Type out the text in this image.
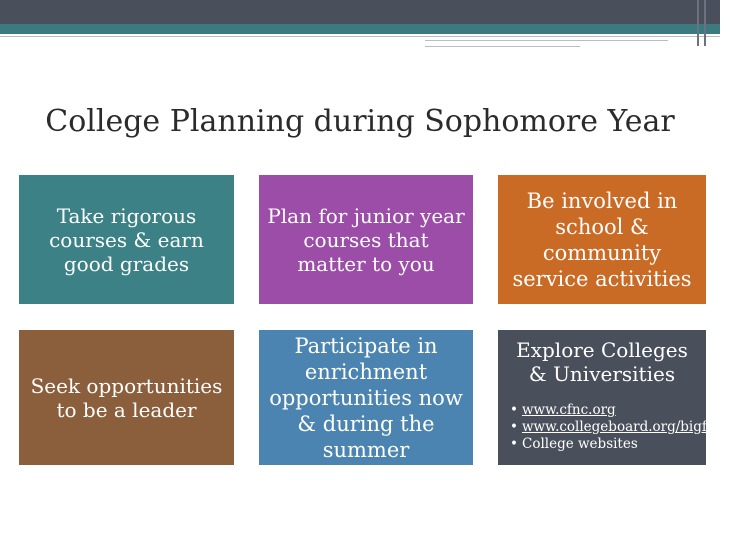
College Planning during Sophomore Year
Take rigorous courses & earn good grades
Plan for junior year courses that matter to you
Be involved in school & community service activities
Seek opportunities to be a leader
Participate in enrichment opportunities now & during the summer
Explore Colleges & Universities
• www.cfnc.org
• www.collegeboard.org/bigfuture
• College websites
